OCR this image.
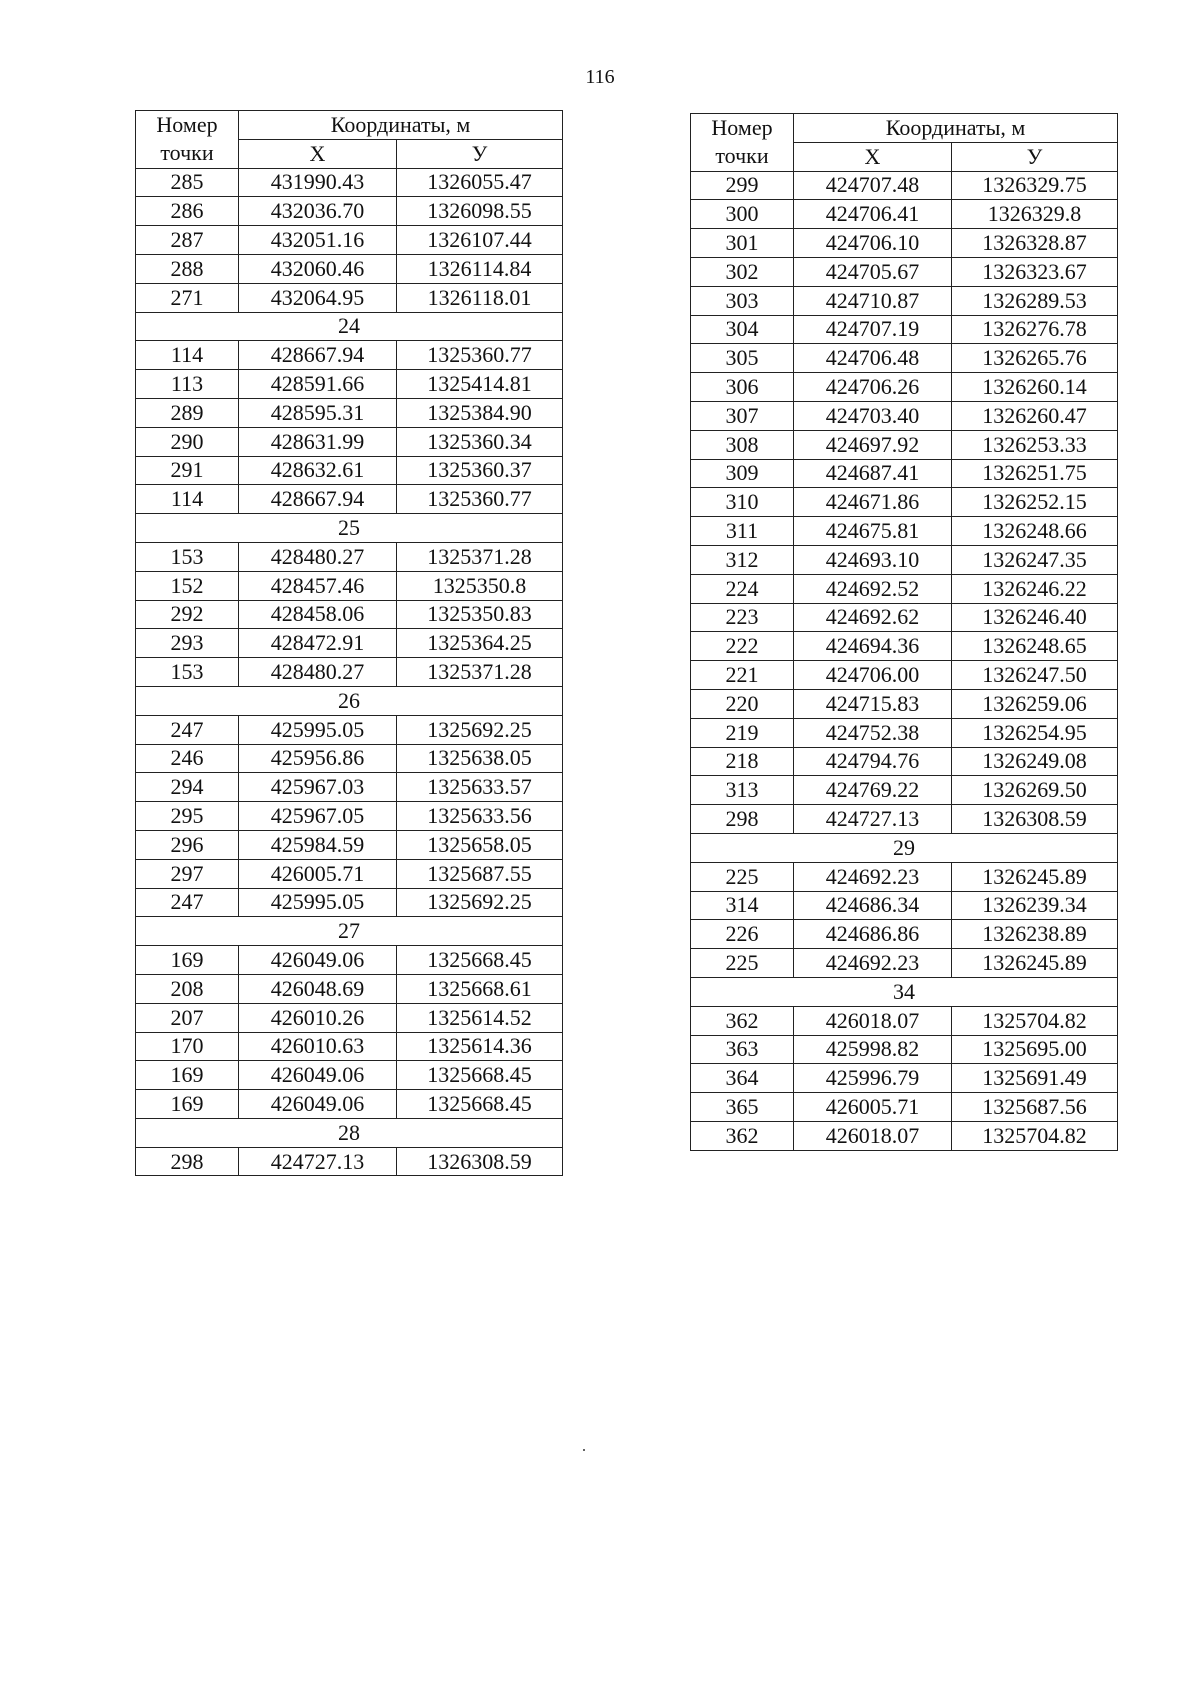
116
Номер
точки	Координаты, м	
	X	У
285	431990.43	1326055.47
286	432036.70	1326098.55
287	432051.16	1326107.44
288	432060.46	1326114.84
271	432064.95	1326118.01
24		
114	428667.94	1325360.77
113	428591.66	1325414.81
289	428595.31	1325384.90
290	428631.99	1325360.34
291	428632.61	1325360.37
114	428667.94	1325360.77
25		
153	428480.27	1325371.28
152	428457.46	1325350.8
292	428458.06	1325350.83
293	428472.91	1325364.25
153	428480.27	1325371.28
26		
247	425995.05	1325692.25
246	425956.86	1325638.05
294	425967.03	1325633.57
295	425967.05	1325633.56
296	425984.59	1325658.05
297	426005.71	1325687.55
247	425995.05	1325692.25
27		
169	426049.06	1325668.45
208	426048.69	1325668.61
207	426010.26	1325614.52
170	426010.63	1325614.36
169	426049.06	1325668.45
169	426049.06	1325668.45
28		
298	424727.13	1326308.59
Номер
точки	Координаты, м	
	X	У
299	424707.48	1326329.75
300	424706.41	1326329.8
301	424706.10	1326328.87
302	424705.67	1326323.67
303	424710.87	1326289.53
304	424707.19	1326276.78
305	424706.48	1326265.76
306	424706.26	1326260.14
307	424703.40	1326260.47
308	424697.92	1326253.33
309	424687.41	1326251.75
310	424671.86	1326252.15
311	424675.81	1326248.66
312	424693.10	1326247.35
224	424692.52	1326246.22
223	424692.62	1326246.40
222	424694.36	1326248.65
221	424706.00	1326247.50
220	424715.83	1326259.06
219	424752.38	1326254.95
218	424794.76	1326249.08
313	424769.22	1326269.50
298	424727.13	1326308.59
29		
225	424692.23	1326245.89
314	424686.34	1326239.34
226	424686.86	1326238.89
225	424692.23	1326245.89
34		
362	426018.07	1325704.82
363	425998.82	1325695.00
364	425996.79	1325691.49
365	426005.71	1325687.56
362	426018.07	1325704.82
